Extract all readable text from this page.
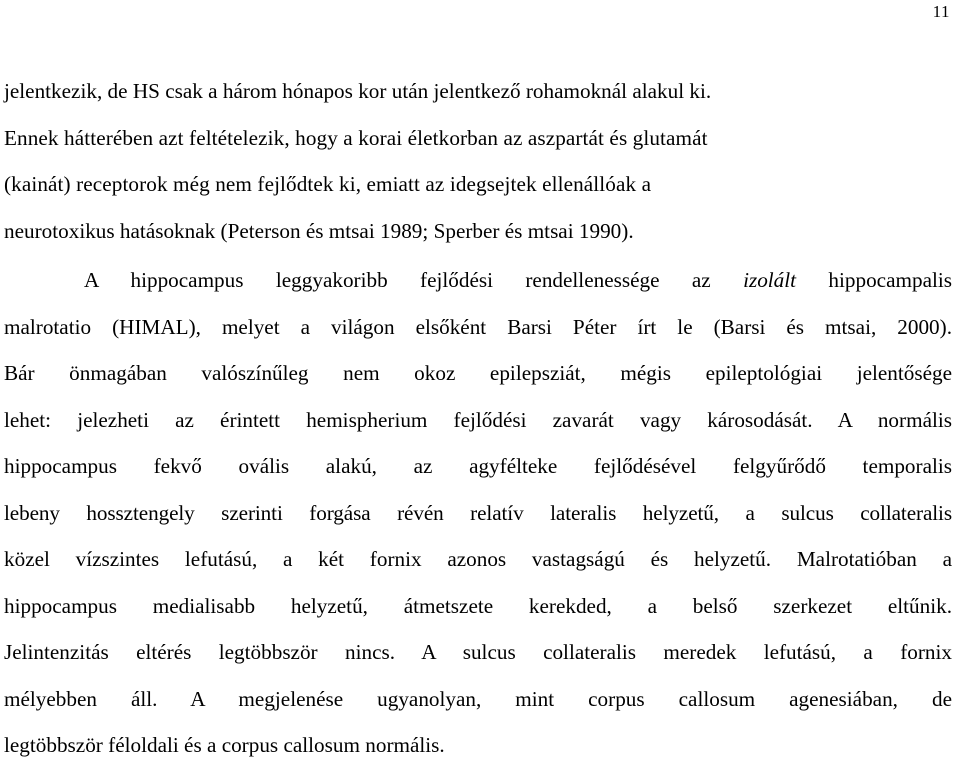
11

jelentkezik, de HS csak a három hónapos kor után jelentkező rohamoknál alakul ki.
Ennek hátterében azt feltételezik, hogy a korai életkorban az aszpartát és glutamát
(kainát) receptorok még nem fejlődtek ki, emiatt az idegsejtek ellenállóak a
neurotoxikus hatásoknak (Peterson és mtsai 1989; Sperber és mtsai 1990).

A hippocampus leggyakoribb fejlődési rendellenessége az izolált hippocampalis
malrotatio (HIMAL), melyet a világon elsőként Barsi Péter írt le (Barsi és mtsai, 2000).
Bár önmagában valószínűleg nem okoz epilepsziát, mégis epileptológiai jelentősége
lehet: jelezheti az érintett hemispherium fejlődési zavarát vagy károsodását. A normális
hippocampus fekvő ovális alakú, az agyfélteke fejlődésével felgyűrődő temporalis
lebeny hossztengely szerinti forgása révén relatív lateralis helyzetű, a sulcus collateralis
közel vízszintes lefutású, a két fornix azonos vastagságú és helyzetű. Malrotatióban a
hippocampus medialisabb helyzetű, átmetszete kerekded, a belső szerkezet eltűnik.
Jelintenzitás eltérés legtöbbször nincs. A sulcus collateralis meredek lefutású, a fornix
mélyebben áll. A megjelenése ugyanolyan, mint corpus callosum agenesiában, de
legtöbbször féloldali és a corpus callosum normális.
